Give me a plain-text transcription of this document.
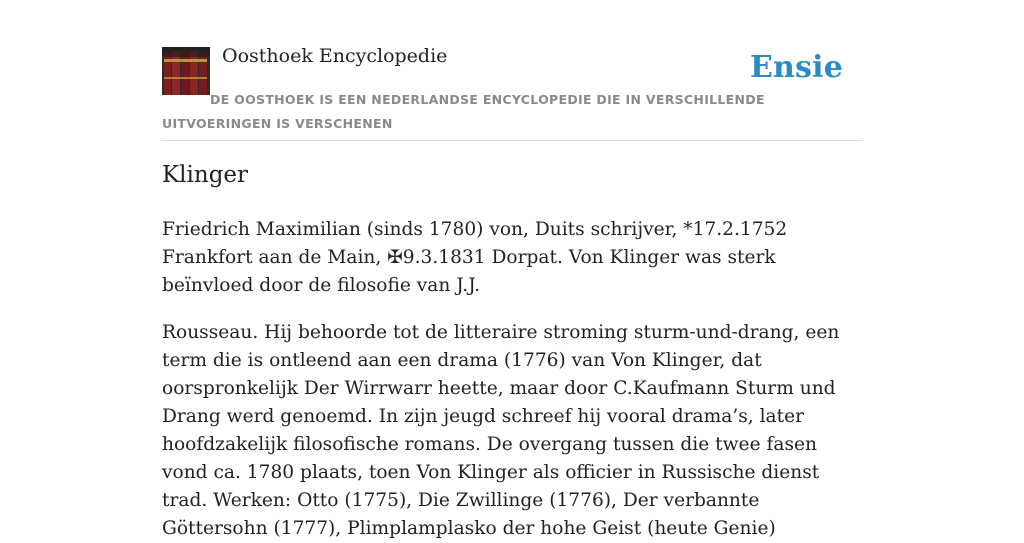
Oosthoek Encyclopedie	Ensie
DE OOSTHOEK IS EEN NEDERLANDSE ENCYCLOPEDIE DIE IN VERSCHILLENDE UITVOERINGEN IS VERSCHENEN
Klinger

Friedrich Maximilian (sinds 1780) von, Duits schrijver, *17.2.1752 Frankfort aan de Main, ✠9.3.1831 Dorpat. Von Klinger was sterk beïnvloed door de filosofie van J.J.

Rousseau. Hij behoorde tot de litteraire stroming sturm-und-drang, een term die is ontleend aan een drama (1776) van Von Klinger, dat oorspronkelijk Der Wirrwarr heette, maar door C.Kaufmann Sturm und Drang werd genoemd. In zijn jeugd schreef hij vooral drama’s, later hoofdzakelijk filosofische romans. De overgang tussen die twee fasen vond ca. 1780 plaats, toen Von Klinger als officier in Russische dienst trad. Werken: Otto (1775), Die Zwillinge (1776), Der verbannte Göttersohn (1777), Plimplamplasko der hohe Geist (heute Genie)
